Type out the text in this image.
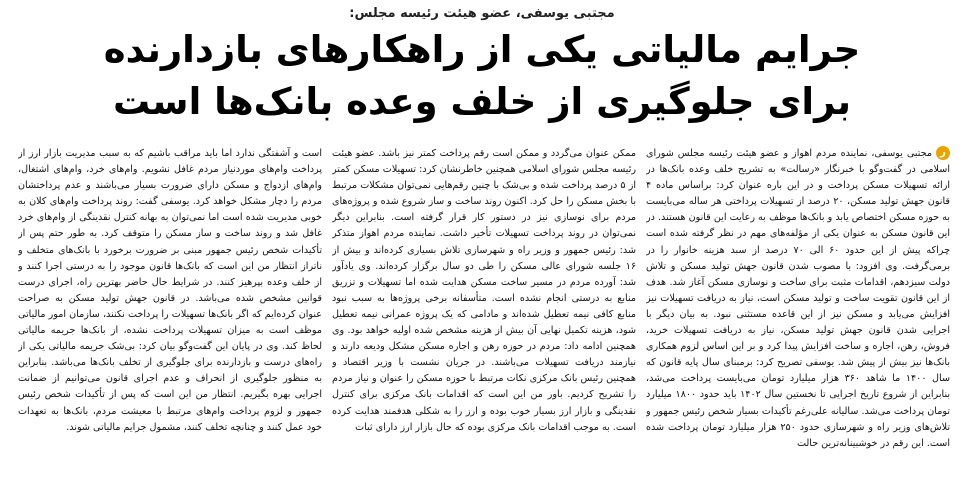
مجتبی یوسفی، عضو هیئت رئیسه مجلس:
جرایم مالیاتی یکی از راهکارهای بازدارنده
برای جلوگیری از خلف وعده بانک‌ها است

رمجتبی یوسفی، نماینده مردم اهواز و عضو هیئت رئیسه مجلس شورای اسلامی در گفت‌وگو با خبرنگار «رسالت» به تشریح خلف وعده بانک‌ها در ارائه تسهیلات مسکن پرداخت و در این باره عنوان کرد: براساس ماده ۴ قانون جهش تولید مسکن، ۲۰ درصد از تسهیلات پرداختی هر ساله می‌بایست به حوزه مسکن اختصاص یابد و بانک‌ها موظف به رعایت این قانون هستند. در این قانون مسکن به عنوان یکی از مؤلفه‌های مهم در نظر گرفته شده است چراکه پیش از این حدود ۶۰ الی ۷۰ درصد از سبد هزینه خانوار را در برمی‌گرفت. وی افزود: با مصوب شدن قانون جهش تولید مسکن و تلاش دولت سیزدهم، اقدامات مثبت برای ساخت و نوسازی مسکن آغاز شد. هدف از این قانون تقویت ساخت و تولید مسکن است، نیاز به دریافت تسهیلات نیز افزایش می‌یابد و مسکن نیز از این قاعده مستثنی نبود. به بیان دیگر با اجرایی شدن قانون جهش تولید مسکن، نیاز به دریافت تسهیلات خرید، فروش، رهن، اجاره و ساخت افزایش پیدا کرد و بر این اساس لزوم همکاری بانک‌ها نیز بیش از پیش شد. یوسفی تصریح کرد: برمبنای سال پایه قانون که سال ۱۴۰۰ ما شاهد ۳۶۰ هزار میلیارد تومان می‌بایست پرداخت می‌شد، بنابراین از شروع تاریخ اجرایی تا نخستین سال ۱۴۰۲ باید حدود ۱۸۰۰ میلیارد تومان پرداخت می‌شد. سالیانه علی‌رغم تأکیدات بسیار شخص رئیس جمهور و تلاش‌های وزیر راه و شهرسازی حدود ۲۵۰ هزار میلیارد تومان پرداخت شده است. این رقم در خوشبینانه‌ترین حالت

ممکن عنوان می‌گردد و ممکن است رقم پرداخت کمتر نیز باشد. عضو هیئت رئیسه مجلس شورای اسلامی همچنین خاطرنشان کرد: تسهیلات مسکن کمتر از ۵ درصد پرداخت شده و بی‌شک با چنین رقم‌هایی نمی‌توان مشکلات مرتبط با بخش مسکن را حل کرد. اکنون روند ساخت و ساز شروع شده و پروژه‌های مردم برای نوسازی نیز در دستور کار قرار گرفته است. بنابراین دیگر نمی‌توان در روند پرداخت تسهیلات تأخیر داشت. نماینده مردم اهواز متذکر شد: رئیس جمهور و وزیر راه و شهرسازی تلاش بسیاری کرده‌اند و بیش از ۱۶ جلسه شورای عالی مسکن را طی دو سال برگزار کرده‌اند. وی یادآور شد: آورده مردم در مسیر ساخت مسکن هدایت شده اما تسهیلات و تزریق منابع به درستی انجام نشده است. متأسفانه برخی پروژه‌ها به سبب نبود منابع کافی نیمه تعطیل شده‌اند و مادامی که یک پروژه عمرانی نیمه تعطیل شود، هزینه تکمیل نهایی آن بیش از هزینه مشخص شده اولیه خواهد بود. وی همچنین ادامه داد: مردم در حوزه رهن و اجاره مسکن مشکل ودیعه دارند و نیازمند دریافت تسهیلات می‌باشند. در جریان نشست با وزیر اقتصاد و همچنین رئیس بانک مرکزی نکات مرتبط با حوزه مسکن را عنوان و نیاز مردم را تشریح کردیم. باور من این است که اقدامات بانک مرکزی برای کنترل نقدینگی و بازار ارز بسیار خوب بوده و ارز را به شکلی هدفمند هدایت کرده است. به موجب اقدامات بانک مرکزی بوده که حال بازار ارز دارای ثبات

است و آشفتگی ندارد اما باید مراقب باشیم که به سبب مدیریت بازار ارز از پرداخت وام‌های موردنیاز مردم غافل نشویم. وام‌های خرد، وام‌های اشتغال، وام‌های ازدواج و مسکن دارای ضرورت بسیار می‌باشند و عدم پرداختشان مردم را دچار مشکل خواهد کرد. یوسفی گفت: روند پرداخت وام‌های کلان به خوبی مدیریت شده است اما نمی‌توان به بهانه کنترل نقدینگی از وام‌های خرد غافل شد و روند ساخت و ساز مسکن را متوقف کرد. به طور حتم پس از تأکیدات شخص رئیس جمهور مبنی بر ضرورت برخورد با بانک‌های متخلف و ناتراز انتظار من این است که بانک‌ها قانون موجود را به درستی اجرا کنند و از خلف وعده بپرهیز کنند. در شرایط حال حاضر بهترین راه، اجرای درست قوانین مشخص شده می‌باشد. در قانون جهش تولید مسکن به صراحت عنوان کرده‌ایم که اگر بانک‌ها تسهیلات را پرداخت نکنند، سازمان امور مالیاتی موظف است به میزان تسهیلات پرداخت نشده، از بانک‌ها جریمه مالیاتی لحاظ کند. وی در پایان این گفت‌وگو بیان کرد: بی‌شک جریمه مالیاتی یکی از راه‌های درست و بازدارنده برای جلوگیری از تخلف بانک‌ها می‌باشد. بنابراین به منظور جلوگیری از انحراف و عدم اجرای قانون می‌توانیم از ضمانت اجرایی بهره بگیریم. انتظار من این است که پس از تأکیدات شخص رئیس جمهور و لزوم پرداخت وام‌های مرتبط با معیشت مردم، بانک‌ها به تعهدات خود عمل کنند و چنانچه تخلف کنند، مشمول جرایم مالیاتی شوند.
